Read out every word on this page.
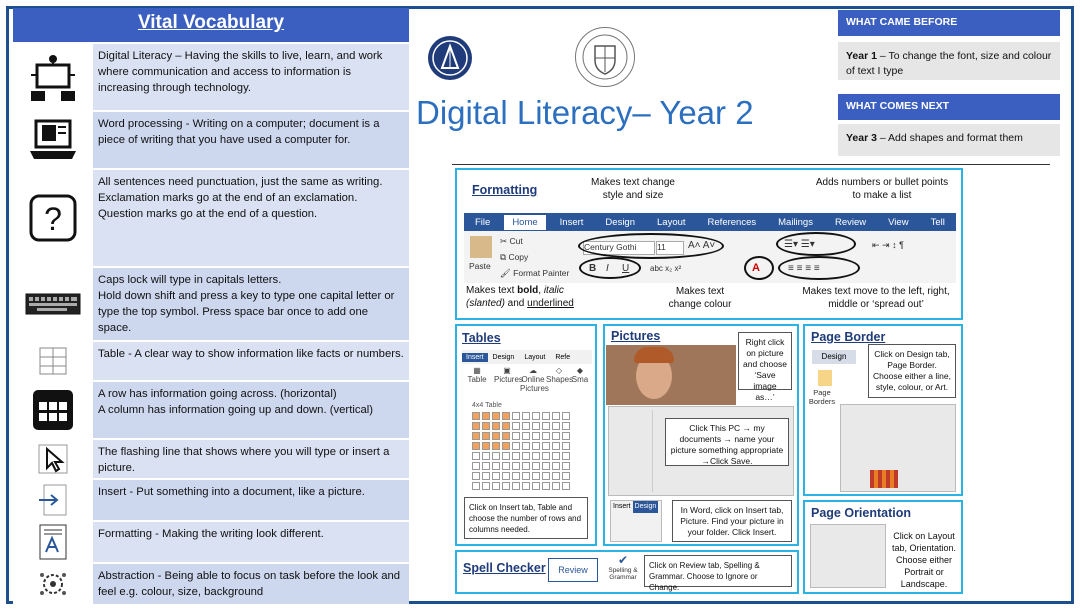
Vital Vocabulary
Digital Literacy – Having the skills to live, learn, and work where communication and access to information is increasing through technology.
Word processing - Writing on a computer; document is a piece of writing that you have used a computer for.
?
All sentences need punctuation, just the same as writing.
Exclamation marks go at the end of an exclamation.
Question marks go at the end of a question.
Caps lock will type in capitals letters.
Hold down shift and press a key to type one capital letter or type the top symbol. Press space bar once to add one space.
Table - A clear way to show information like facts or numbers.
A row has information going across. (horizontal)
A column has information going up and down. (vertical)
The flashing line that shows where you will type or insert a picture.
Insert - Put something into a document, like a picture.
Formatting - Making the writing look different.
Abstraction - Being able to focus on task before the look and feel e.g. colour, size, background
Digital Literacy– Year 2
WHAT CAME BEFORE
Year 1 – To change the font, size and colour of text I type
WHAT COMES NEXT
Year 3 – Add shapes and format them
Formatting
Makes text change style and size
Adds numbers or bullet points to make a list
File	Home	Insert Design Layout References Mailings Review View Tell
Paste
✂ Cut
⧉ Copy
🖌 Format Painter
Century Gothi	11	A˄ A˅
B I U	abc x₂ x²	A
☰▾ ☰▾
≡ ≡ ≡ ≡
⇤ ⇥ ↕ ¶
Makes text bold, italic (slanted) and underlined
Makes text change colour
Makes text move to the left, right, middle or ‘spread out’
Tables
Insert	Design	Layout	Refe
▦
Table
▣
Pictures
☁
Online Pictures
◇
Shapes
◆
Sma
4x4 Table
Click on Insert tab, Table and choose the number of rows and columns needed.
Pictures	Right click on picture and choose ‘Save image as…’
Click This PC → my documents → name your picture something appropriate →Click Save.
Insert Design	In Word, click on Insert tab, Picture. Find your picture in your folder. Click Insert.
Page Border
Design
Page Borders
Click on Design tab, Page Border. Choose either a line, style, colour, or Art.
Page Orientation
Click on Layout tab, Orientation. Choose either Portrait or Landscape.
Spell Checker	Review
✔
Spelling & Grammar
Click on Review tab, Spelling & Grammar. Choose to Ignore or Change.
